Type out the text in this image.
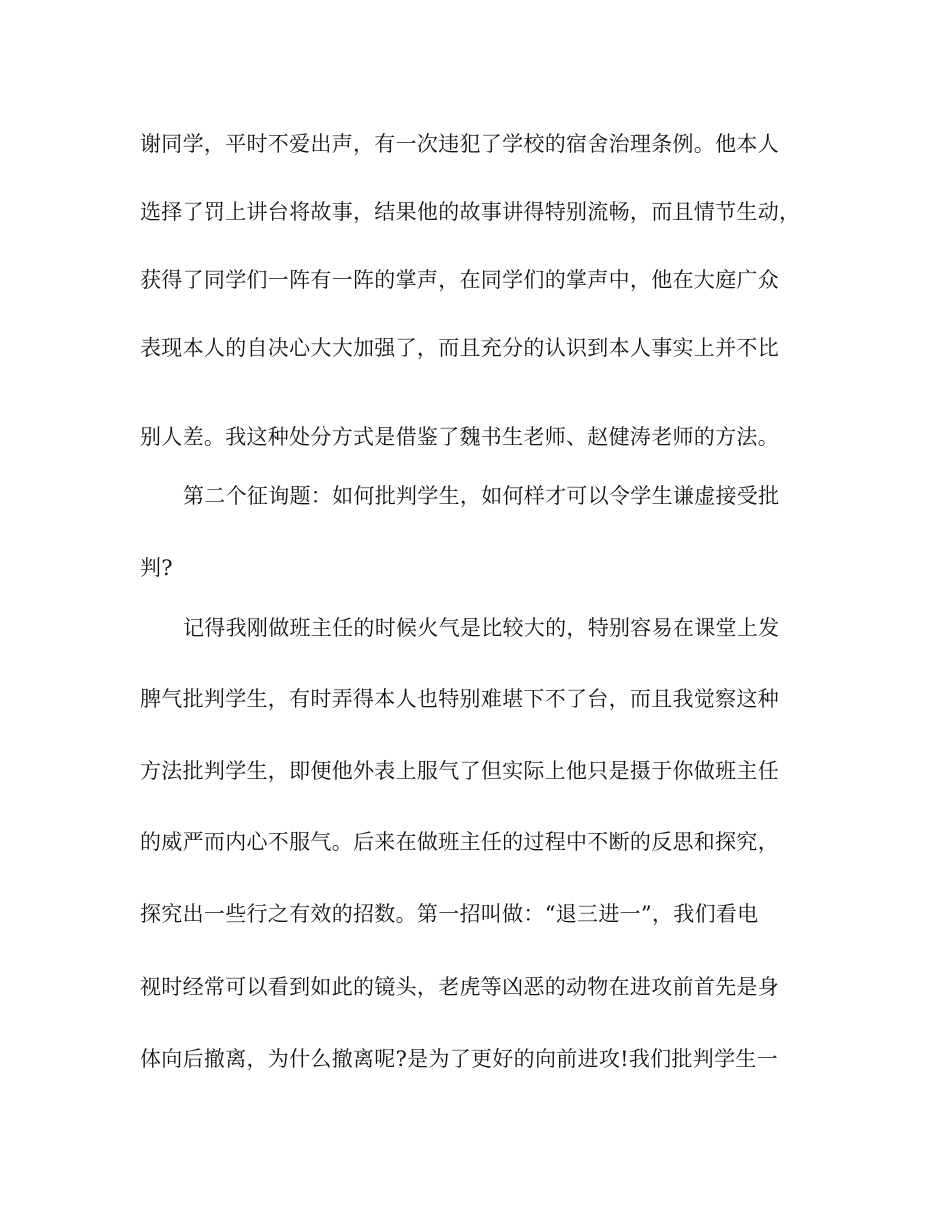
谢同学，平时不爱出声，有一次违犯了学校的宿舍治理条例。他本人
选择了罚上讲台将故事，结果他的故事讲得特别流畅，而且情节生动，
获得了同学们一阵有一阵的掌声，在同学们的掌声中，他在大庭广众
表现本人的自决心大大加强了，而且充分的认识到本人事实上并不比
别人差。我这种处分方式是借鉴了魏书生老师、赵健涛老师的方法。
第二个征询题：如何批判学生，如何样才可以令学生谦虚接受批
判?
记得我刚做班主任的时候火气是比较大的，特别容易在课堂上发
脾气批判学生，有时弄得本人也特别难堪下不了台，而且我觉察这种
方法批判学生，即便他外表上服气了但实际上他只是摄于你做班主任
的威严而内心不服气。后来在做班主任的过程中不断的反思和探究，
探究出一些行之有效的招数。第一招叫做：“退三进一”，我们看电
视时经常可以看到如此的镜头，老虎等凶恶的动物在进攻前首先是身
体向后撤离，为什么撤离呢?是为了更好的向前进攻!我们批判学生一
